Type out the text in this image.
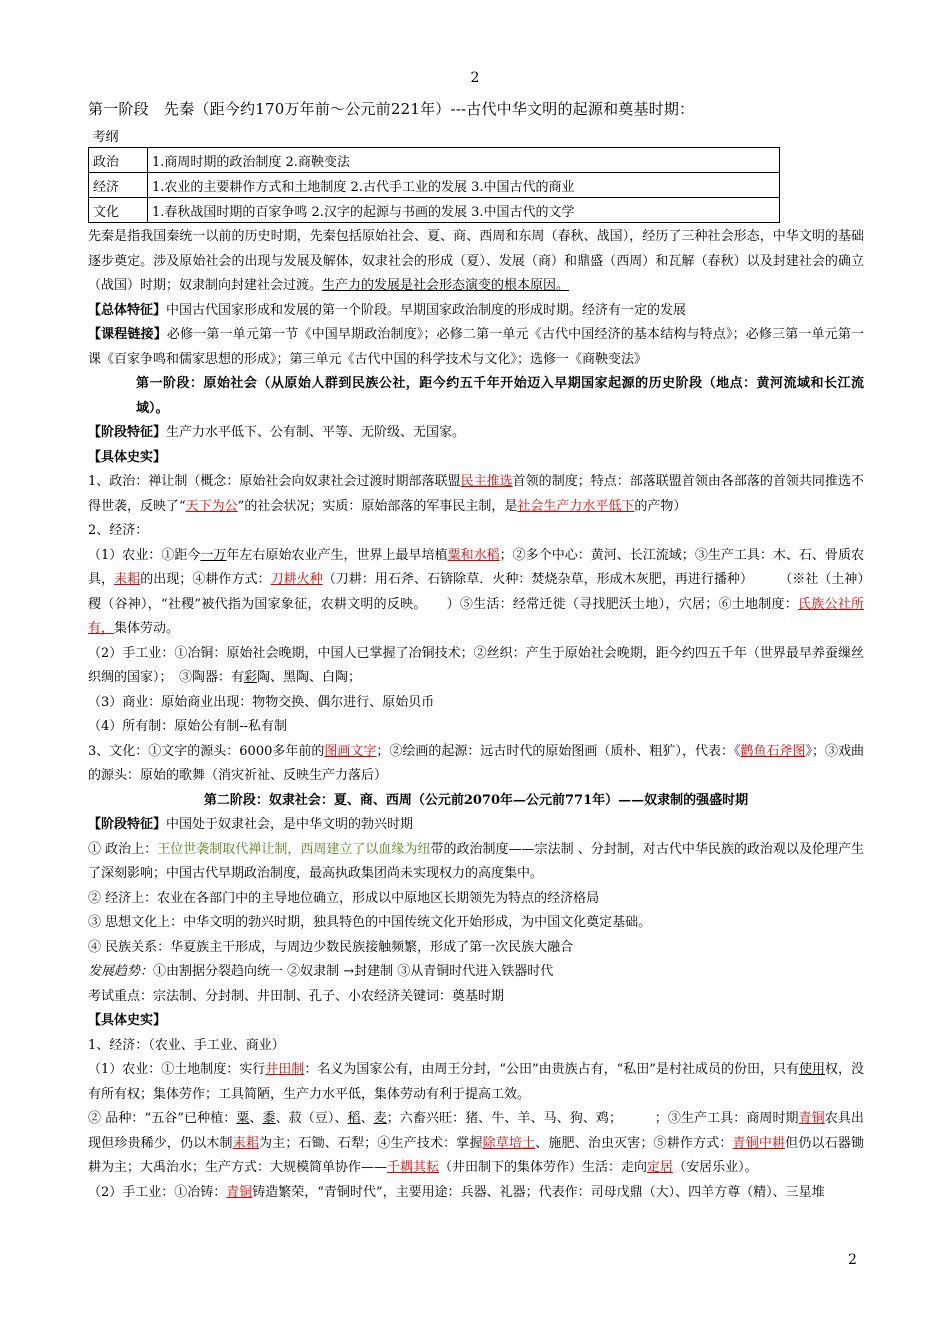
2
第一阶段　先秦（距今约170万年前～公元前221年）---古代中华文明的起源和奠基时期：
考纲	
政治	1.商周时期的政治制度 2.商鞅变法
经济	1.农业的主要耕作方式和土地制度 2.古代手工业的发展 3.中国古代的商业
文化	1.春秋战国时期的百家争鸣 2.汉字的起源与书画的发展 3.中国古代的文学

先秦是指我国秦统一以前的历史时期，先秦包括原始社会、夏、商、西周和东周（春秋、战国），经历了三种社会形态，中华文明的基础逐步奠定。涉及原始社会的出现与发展及解体，奴隶社会的形成（夏）、发展（商）和鼎盛（西周）和瓦解（春秋）以及封建社会的确立（战国）时期；奴隶制向封建社会过渡。生产力的发展是社会形态演变的根本原因。

【总体特征】中国古代国家形成和发展的第一个阶段。早期国家政治制度的形成时期。经济有一定的发展

【课程链接】必修一第一单元第一节《中国早期政治制度》；必修二第一单元《古代中国经济的基本结构与特点》；必修三第一单元第一课《百家争鸣和儒家思想的形成》；第三单元《古代中国的科学技术与文化》；选修一《商鞅变法》

第一阶段：原始社会（从原始人群到民族公社，距今约五千年开始迈入早期国家起源的历史阶段（地点：黄河流域和长江流域）。

【阶段特征】生产力水平低下、公有制、平等、无阶级、无国家。

【具体史实】

1、政治：禅让制（概念：原始社会向奴隶社会过渡时期部落联盟民主推选首领的制度；特点：部落联盟首领由各部落的首领共同推选不得世袭，反映了“天下为公”的社会状况；实质：原始部落的军事民主制，是社会生产力水平低下的产物）

2、经济：

（1）农业：①距今一万年左右原始农业产生，世界上最早培植粟和水稻；②多个中心：黄河、长江流域；③生产工具：木、石、骨质农具，耒耜的出现；④耕作方式：刀耕火种（刀耕：用石斧、石锛除草．火种：焚烧杂草，形成木灰肥，再进行播种）　　　（※社（土神）稷（谷神），“社稷”被代指为国家象征，农耕文明的反映。　　）⑤生活：经常迁徙（寻找肥沃土地），穴居；⑥土地制度：氏族公社所有，集体劳动。

（2）手工业：①冶铜：原始社会晚期，中国人已掌握了冶铜技术；②丝织：产生于原始社会晚期，距今约四五千年（世界最早养蚕缫丝织绸的国家）；　③陶器：有彩陶、黑陶、白陶；

（3）商业：原始商业出现：物物交换、偶尔进行、原始贝币

（4）所有制：原始公有制--私有制

3、文化：①文字的源头：6000多年前的图画文字；②绘画的起源：远古时代的原始图画（质朴、粗犷），代表：《鹳鱼石斧图》；③戏曲的源头：原始的歌舞（消灾祈祉、反映生产力落后）

第二阶段：奴隶社会：夏、商、西周（公元前2070年—公元前771年）——奴隶制的强盛时期

【阶段特征】中国处于奴隶社会，是中华文明的勃兴时期

① 政治上：王位世袭制取代禅让制，西周建立了以血缘为纽带的政治制度——宗法制 、分封制，对古代中华民族的政治观以及伦理产生了深刻影响；中国古代早期政治制度，最高执政集团尚未实现权力的高度集中。

② 经济上：农业在各部门中的主导地位确立，形成以中原地区长期领先为特点的经济格局

③ 思想文化上：中华文明的勃兴时期，独具特色的中国传统文化开始形成，为中国文化奠定基础。

④ 民族关系：华夏族主干形成，与周边少数民族接触频繁，形成了第一次民族大融合

发展趋势：①由割据分裂趋向统一 ②奴隶制 →封建制 ③从青铜时代进入铁器时代

考试重点：宗法制、分封制、井田制、孔子、小农经济关键词：奠基时期

【具体史实】

1、经济：（农业、手工业、商业）

（1）农业：①土地制度：实行井田制：名义为国家公有，由周王分封，“公田”由贵族占有，“私田”是村社成员的份田，只有使用权，没有所有权；集体劳作；工具简陋，生产力水平低，集体劳动有利于提高工效。

② 品种：“五谷”已种植：粟、黍、菽（豆）、稻、麦；六畜兴旺：猪、牛、羊、马、狗、鸡；　　　；③生产工具：商周时期青铜农具出现但珍贵稀少，仍以木制耒耜为主；石锄、石犁；④生产技术：掌握除草培土、施肥、治虫灭害；⑤耕作方式：青铜中耕但仍以石器锄耕为主；大禹治水；生产方式：大规模简单协作——千耦其耘（井田制下的集体劳作）生活：走向定居（安居乐业）。

（2）手工业：①冶铸：青铜铸造繁荣，“青铜时代”，主要用途：兵器、礼器；代表作：司母戊鼎（大）、四羊方尊（精）、三星堆

2
